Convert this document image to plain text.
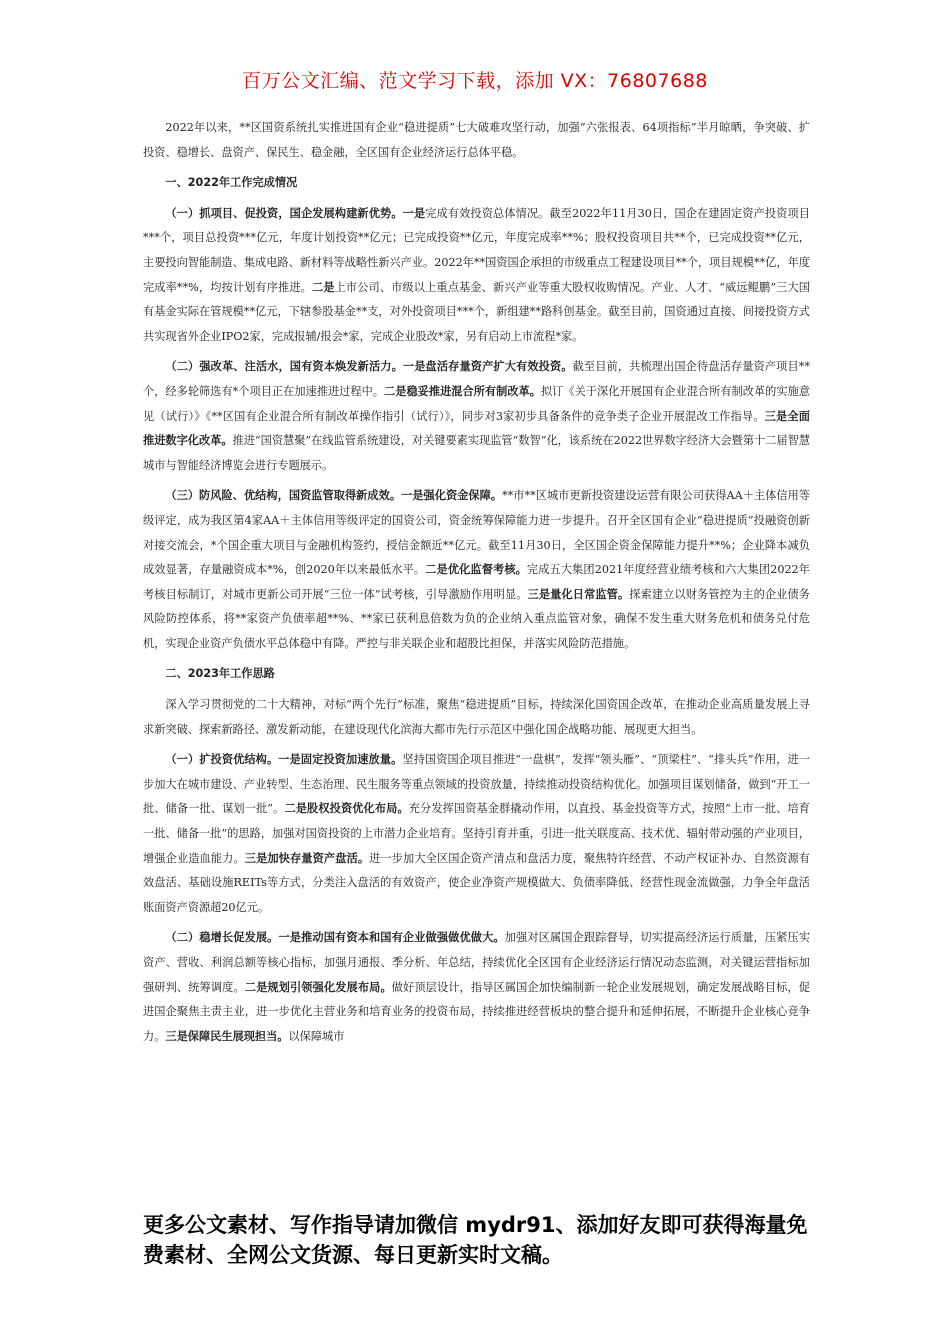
百万公文汇编、范文学习下载，添加 VX：76807688

2022年以来，**区国资系统扎实推进国有企业“稳进提质”七大破难攻坚行动，加强“六张报表、64项指标”半月晾晒，争突破、扩投资、稳增长、盘资产、保民生、稳金融，全区国有企业经济运行总体平稳。

一、2022年工作完成情况

（一）抓项目、促投资，国企发展构建新优势。一是完成有效投资总体情况。截至2022年11月30日，国企在建固定资产投资项目***个，项目总投资***亿元，年度计划投资**亿元；已完成投资**亿元，年度完成率**%；股权投资项目共**个，已完成投资**亿元，主要投向智能制造、集成电路、新材料等战略性新兴产业。2022年**国资国企承担的市级重点工程建设项目**个，项目规模**亿，年度完成率**%，均按计划有序推进。二是上市公司、市级以上重点基金、新兴产业等重大股权收购情况。产业、人才、“威远鲲鹏”三大国有基金实际在管规模**亿元，下辖参股基金**支，对外投资项目***个，新组建**路科创基金。截至目前，国资通过直接、间接投资方式共实现省外企业IPO2家，完成报辅/报会*家，完成企业股改*家，另有启动上市流程*家。

（二）强改革、注活水，国有资本焕发新活力。一是盘活存量资产扩大有效投资。截至目前，共梳理出国企待盘活存量资产项目**个，经多轮筛选有*个项目正在加速推进过程中。二是稳妥推进混合所有制改革。拟订《关于深化开展国有企业混合所有制改革的实施意见（试行）》《**区国有企业混合所有制改革操作指引（试行）》，同步对3家初步具备条件的竞争类子企业开展混改工作指导。三是全面推进数字化改革。推进“国资慧聚”在线监管系统建设，对关键要素实现监管“数智”化，该系统在2022世界数字经济大会暨第十二届智慧城市与智能经济博览会进行专题展示。

（三）防风险、优结构，国资监管取得新成效。一是强化资金保障。**市**区城市更新投资建设运营有限公司获得AA＋主体信用等级评定，成为我区第4家AA＋主体信用等级评定的国资公司，资金统筹保障能力进一步提升。召开全区国有企业“稳进提质”投融资创新对接交流会，*个国企重大项目与金融机构签约，授信金额近**亿元。截至11月30日，全区国企资金保障能力提升**%；企业降本减负成效显著，存量融资成本*%，创2020年以来最低水平。二是优化监督考核。完成五大集团2021年度经营业绩考核和六大集团2022年考核目标制订，对城市更新公司开展“三位一体”试考核，引导激励作用明显。三是量化日常监管。探索建立以财务管控为主的企业债务风险防控体系，将**家资产负债率超**%、**家已获利息倍数为负的企业纳入重点监管对象，确保不发生重大财务危机和债务兑付危机，实现企业资产负债水平总体稳中有降。严控与非关联企业和超股比担保，并落实风险防范措施。

二、2023年工作思路

深入学习贯彻党的二十大精神，对标“两个先行”标准，聚焦“稳进提质”目标，持续深化国资国企改革，在推动企业高质量发展上寻求新突破、探索新路径、激发新动能，在建设现代化滨海大都市先行示范区中强化国企战略功能、展现更大担当。

（一）扩投资优结构。一是固定投资加速放量。坚持国资国企项目推进“一盘棋”，发挥“领头雁”、“顶梁柱”、“排头兵”作用，进一步加大在城市建设、产业转型、生态治理、民生服务等重点领域的投资放量，持续推动投资结构优化。加强项目谋划储备，做到“开工一批、储备一批、谋划一批”。二是股权投资优化布局。充分发挥国资基金群撬动作用，以直投、基金投资等方式，按照“上市一批、培育一批、储备一批”的思路，加强对国资投资的上市潜力企业培育。坚持引育并重，引进一批关联度高、技术优、辐射带动强的产业项目，增强企业造血能力。三是加快存量资产盘活。进一步加大全区国企资产清点和盘活力度，聚焦特许经营、不动产权证补办、自然资源有效盘活、基础设施REITs等方式，分类注入盘活的有效资产，使企业净资产规模做大、负债率降低、经营性现金流做强，力争全年盘活账面资产资源超20亿元。

（二）稳增长促发展。一是推动国有资本和国有企业做强做优做大。加强对区属国企跟踪督导，切实提高经济运行质量，压紧压实资产、营收、利润总额等核心指标，加强月通报、季分析、年总结，持续优化全区国有企业经济运行情况动态监测，对关键运营指标加强研判、统筹调度。二是规划引领强化发展布局。做好顶层设计，指导区属国企加快编制新一轮企业发展规划，确定发展战略目标，促进国企聚焦主责主业，进一步优化主营业务和培育业务的投资布局，持续推进经营板块的整合提升和延伸拓展，不断提升企业核心竞争力。三是保障民生展现担当。以保障城市

更多公文素材、写作指导请加微信 mydr91、添加好友即可获得海量免费素材、全网公文货源、每日更新实时文稿。
